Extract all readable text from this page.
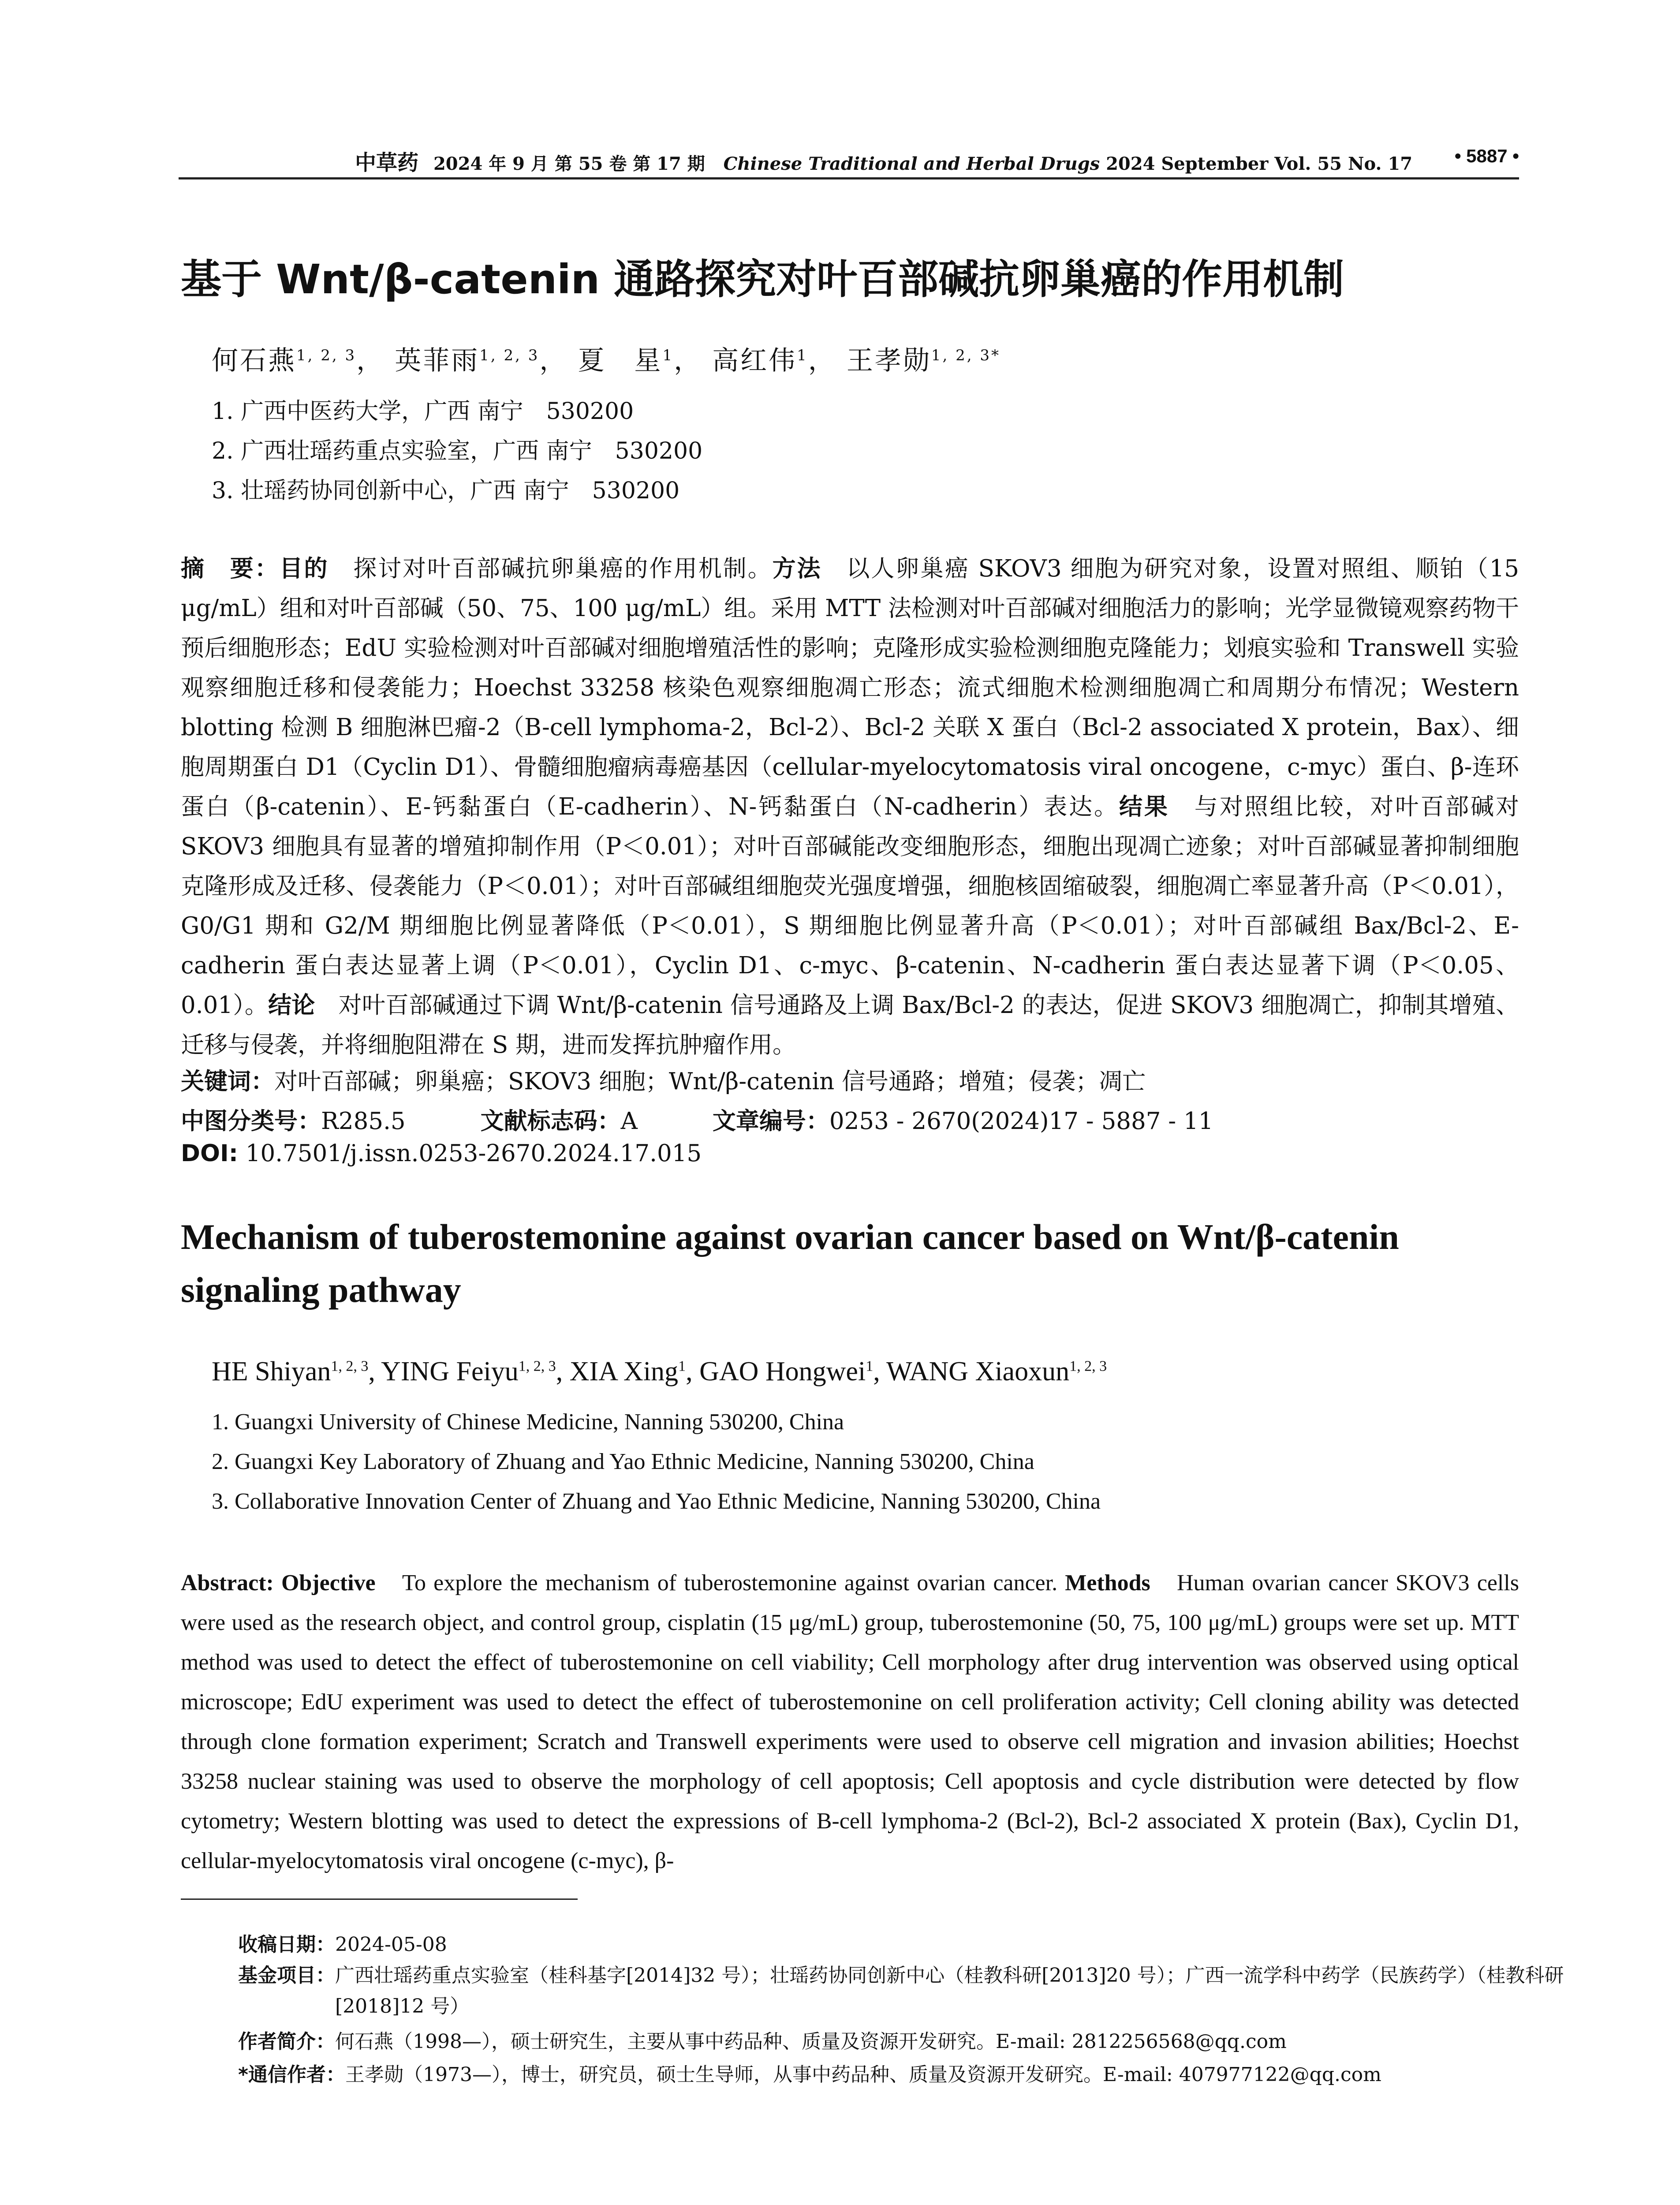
中草药 2024 年 9 月 第 55 卷 第 17 期 Chinese Traditional and Herbal Drugs 2024 September Vol. 55 No. 17 • 5887 •
基于 Wnt/β-catenin 通路探究对叶百部碱抗卵巢癌的作用机制
何石燕$^{1, 2, 3}$， 英菲雨$^{1, 2, 3}$， 夏　星$^1$， 高红伟$^1$， 王孝勋$^{1, 2, 3*}$
1. 广西中医药大学，广西 南宁　530200
2. 广西壮瑶药重点实验室，广西 南宁　530200
3. 壮瑶药协同创新中心，广西 南宁　530200
摘　要：目的　探讨对叶百部碱抗卵巢癌的作用机制。方法　以人卵巢癌 SKOV3 细胞为研究对象，设置对照组、顺铂（15 μg/mL）组和对叶百部碱（50、75、100 μg/mL）组。采用 MTT 法检测对叶百部碱对细胞活力的影响；光学显微镜观察药物干预后细胞形态；EdU 实验检测对叶百部碱对细胞增殖活性的影响；克隆形成实验检测细胞克隆能力；划痕实验和 Transwell 实验观察细胞迁移和侵袭能力；Hoechst 33258 核染色观察细胞凋亡形态；流式细胞术检测细胞凋亡和周期分布情况；Western blotting 检测 B 细胞淋巴瘤-2（B-cell lymphoma-2，Bcl-2）、Bcl-2 关联 X 蛋白（Bcl-2 associated X protein，Bax）、细胞周期蛋白 D1（Cyclin D1）、骨髓细胞瘤病毒癌基因（cellular-myelocytomatosis viral oncogene，c-myc）蛋白、β-连环蛋白（β-catenin）、E-钙黏蛋白（E-cadherin）、N-钙黏蛋白（N-cadherin）表达。结果　与对照组比较，对叶百部碱对 SKOV3 细胞具有显著的增殖抑制作用（P＜0.01）；对叶百部碱能改变细胞形态，细胞出现凋亡迹象；对叶百部碱显著抑制细胞克隆形成及迁移、侵袭能力（P＜0.01）；对叶百部碱组细胞荧光强度增强，细胞核固缩破裂，细胞凋亡率显著升高（P＜0.01），G0/G1 期和 G2/M 期细胞比例显著降低（P＜0.01），S 期细胞比例显著升高（P＜0.01）；对叶百部碱组 Bax/Bcl-2、E-cadherin 蛋白表达显著上调（P＜0.01），Cyclin D1、c-myc、β-catenin、N-cadherin 蛋白表达显著下调（P＜0.05、0.01）。结论　对叶百部碱通过下调 Wnt/β-catenin 信号通路及上调 Bax/Bcl-2 的表达，促进 SKOV3 细胞凋亡，抑制其增殖、迁移与侵袭，并将细胞阻滞在 S 期，进而发挥抗肿瘤作用。
关键词：对叶百部碱；卵巢癌；SKOV3 细胞；Wnt/β-catenin 信号通路；增殖；侵袭；凋亡
中图分类号：R285.5	文献标志码：A	文章编号：0253 - 2670(2024)17 - 5887 - 11
DOI: 10.7501/j.issn.0253-2670.2024.17.015
Mechanism of tuberostemonine against ovarian cancer based on Wnt/β-catenin signaling pathway
HE Shiyan$^{1, 2, 3}$, YING Feiyu$^{1, 2, 3}$, XIA Xing$^1$, GAO Hongwei$^1$, WANG Xiaoxun$^{1, 2, 3}$
1. Guangxi University of Chinese Medicine, Nanning 530200, China
2. Guangxi Key Laboratory of Zhuang and Yao Ethnic Medicine, Nanning 530200, China
3. Collaborative Innovation Center of Zhuang and Yao Ethnic Medicine, Nanning 530200, China
Abstract: Objective　To explore the mechanism of tuberostemonine against ovarian cancer. Methods　Human ovarian cancer SKOV3 cells were used as the research object, and control group, cisplatin (15 μg/mL) group, tuberostemonine (50, 75, 100 μg/mL) groups were set up. MTT method was used to detect the effect of tuberostemonine on cell viability; Cell morphology after drug intervention was observed using optical microscope; EdU experiment was used to detect the effect of tuberostemonine on cell proliferation activity; Cell cloning ability was detected through clone formation experiment; Scratch and Transwell experiments were used to observe cell migration and invasion abilities; Hoechst 33258 nuclear staining was used to observe the morphology of cell apoptosis; Cell apoptosis and cycle distribution were detected by flow cytometry; Western blotting was used to detect the expressions of B-cell lymphoma-2 (Bcl-2), Bcl-2 associated X protein (Bax), Cyclin D1, cellular-myelocytomatosis viral oncogene (c-myc), β-
收稿日期：2024-05-08
基金项目：广西壮瑶药重点实验室（桂科基字[2014]32 号）；壮瑶药协同创新中心（桂教科研[2013]20 号）；广西一流学科中药学（民族药学）（桂教科研[2018]12 号）
作者简介：何石燕（1998—），硕士研究生，主要从事中药品种、质量及资源开发研究。E-mail: 2812256568@qq.com
*通信作者：王孝勋（1973—），博士，研究员，硕士生导师，从事中药品种、质量及资源开发研究。E-mail: 407977122@qq.com
